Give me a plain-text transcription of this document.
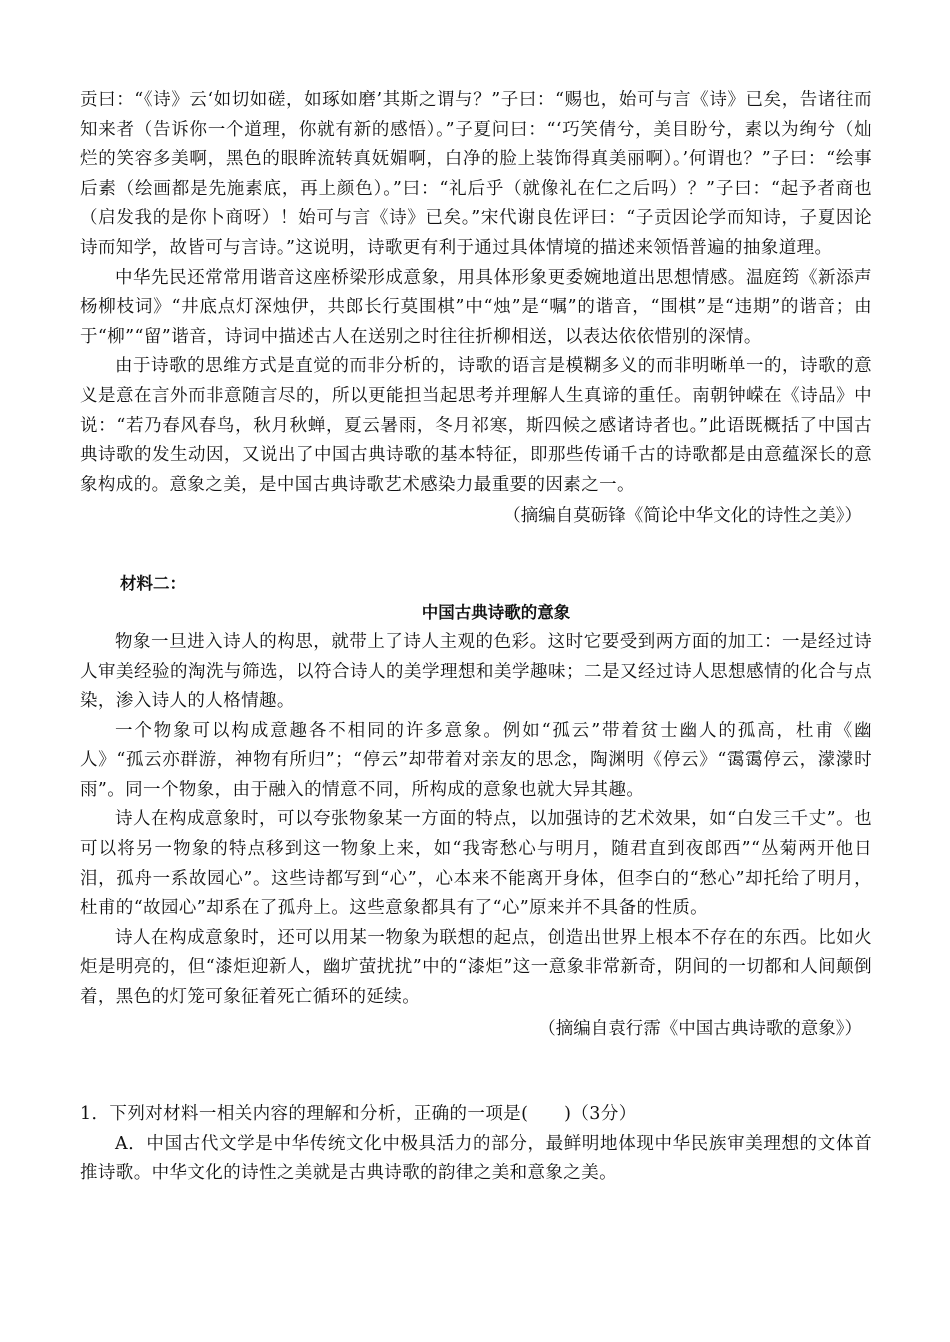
贡曰：“《诗》云‘如切如磋，如琢如磨’其斯之谓与？”子曰：“赐也，始可与言《诗》已矣，告诸往而知来者（告诉你一个道理，你就有新的感悟）。”子夏问曰：“‘巧笑倩兮，美目盼兮，素以为绚兮（灿烂的笑容多美啊，黑色的眼眸流转真妩媚啊，白净的脸上装饰得真美丽啊）。’何谓也？”子曰：“绘事后素（绘画都是先施素底，再上颜色）。”曰：“礼后乎（就像礼在仁之后吗）？”子曰：“起予者商也（启发我的是你卜商呀）！始可与言《诗》已矣。”宋代谢良佐评曰：“子贡因论学而知诗，子夏因论诗而知学，故皆可与言诗。”这说明，诗歌更有利于通过具体情境的描述来领悟普遍的抽象道理。

中华先民还常常用谐音这座桥梁形成意象，用具体形象更委婉地道出思想情感。温庭筠《新添声杨柳枝词》“井底点灯深烛伊，共郎长行莫围棋”中“烛”是“嘱”的谐音，“围棋”是“违期”的谐音；由于“柳”“留”谐音，诗词中描述古人在送别之时往往折柳相送，以表达依依惜别的深情。

由于诗歌的思维方式是直觉的而非分析的，诗歌的语言是模糊多义的而非明晰单一的，诗歌的意义是意在言外而非意随言尽的，所以更能担当起思考并理解人生真谛的重任。南朝钟嵘在《诗品》中说：“若乃春风春鸟，秋月秋蝉，夏云暑雨，冬月祁寒，斯四候之感诸诗者也。”此语既概括了中国古典诗歌的发生动因，又说出了中国古典诗歌的基本特征，即那些传诵千古的诗歌都是由意蕴深长的意象构成的。意象之美，是中国古典诗歌艺术感染力最重要的因素之一。

（摘编自莫砺锋《简论中华文化的诗性之美》）

材料二：

中国古典诗歌的意象

物象一旦进入诗人的构思，就带上了诗人主观的色彩。这时它要受到两方面的加工：一是经过诗人审美经验的淘洗与筛选，以符合诗人的美学理想和美学趣味；二是又经过诗人思想感情的化合与点染，渗入诗人的人格情趣。

一个物象可以构成意趣各不相同的许多意象。例如“孤云”带着贫士幽人的孤高，杜甫《幽人》“孤云亦群游，神物有所归”；“停云”却带着对亲友的思念，陶渊明《停云》“霭霭停云，濛濛时雨”。同一个物象，由于融入的情意不同，所构成的意象也就大异其趣。

诗人在构成意象时，可以夸张物象某一方面的特点，以加强诗的艺术效果，如“白发三千丈”。也可以将另一物象的特点移到这一物象上来，如“我寄愁心与明月，随君直到夜郎西”“丛菊两开他日泪，孤舟一系故园心”。这些诗都写到“心”，心本来不能离开身体，但李白的“愁心”却托给了明月，杜甫的“故园心”却系在了孤舟上。这些意象都具有了“心”原来并不具备的性质。

诗人在构成意象时，还可以用某一物象为联想的起点，创造出世界上根本不存在的东西。比如火炬是明亮的，但“漆炬迎新人，幽圹萤扰扰”中的“漆炬”这一意象非常新奇，阴间的一切都和人间颠倒着，黑色的灯笼可象征着死亡循环的延续。

（摘编自袁行霈《中国古典诗歌的意象》）

1．下列对材料一相关内容的理解和分析，正确的一项是(　　)（3分）

A．中国古代文学是中华传统文化中极具活力的部分，最鲜明地体现中华民族审美理想的文体首推诗歌。中华文化的诗性之美就是古典诗歌的韵律之美和意象之美。
